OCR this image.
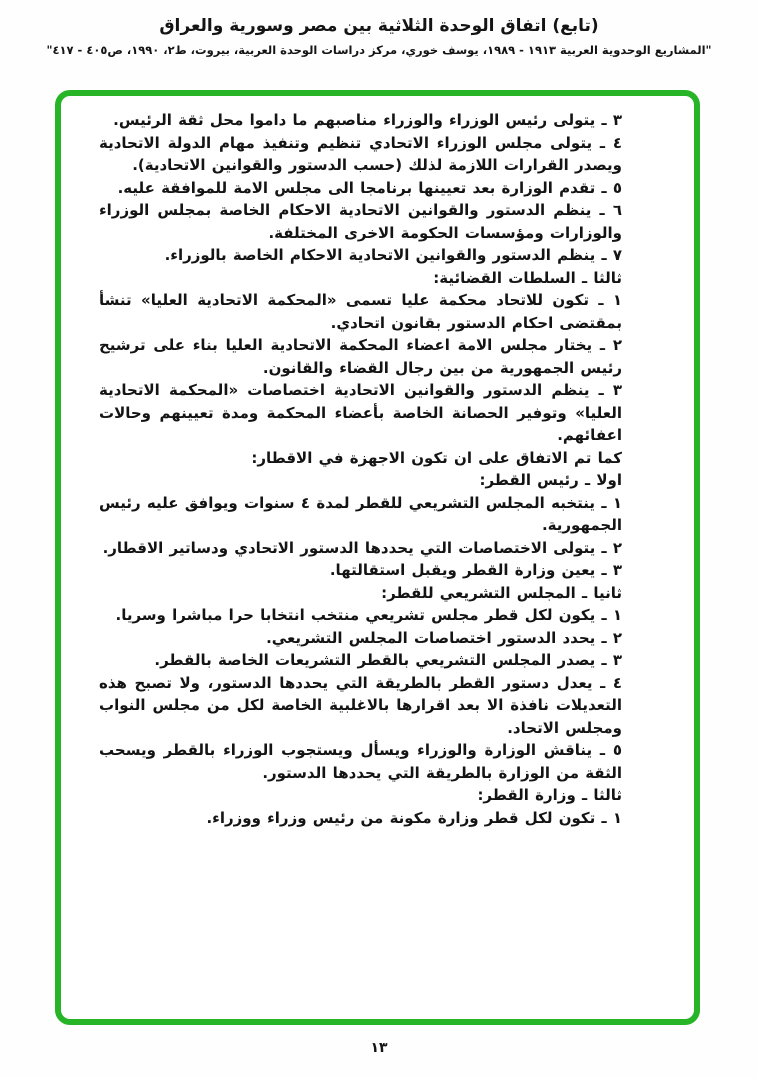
(تابع) اتفاق الوحدة الثلاثية بين مصر وسورية والعراق
"المشاريع الوحدوية العربية ١٩١٣ - ١٩٨٩، يوسف خوري، مركز دراسات الوحدة العربية، بيروت، ط٢، ١٩٩٠، ص٤٠٥ - ٤١٧"

٣ ـ يتولى رئيس الوزراء والوزراء مناصبهم ما داموا محل ثقة الرئيس.

٤ ـ يتولى مجلس الوزراء الاتحادي تنظيم وتنفيذ مهام الدولة الاتحادية ويصدر القرارات اللازمة لذلك (حسب الدستور والقوانين الاتحادية).

٥ ـ تقدم الوزارة بعد تعيينها برنامجا الى مجلس الامة للموافقة عليه.

٦ ـ ينظم الدستور والقوانين الاتحادية الاحكام الخاصة بمجلس الوزراء والوزارات ومؤسسات الحكومة الاخرى المختلفة.

٧ ـ ينظم الدستور والقوانين الاتحادية الاحكام الخاصة بالوزراء.

ثالثا ـ السلطات القضائية:

١ ـ تكون للاتحاد محكمة عليا تسمى «المحكمة الاتحادية العليا» تنشأ بمقتضى احكام الدستور بقانون اتحادي.

٢ ـ يختار مجلس الامة اعضاء المحكمة الاتحادية العليا بناء على ترشيح رئيس الجمهورية من بين رجال القضاء والقانون.

٣ ـ ينظم الدستور والقوانين الاتحادية اختصاصات «المحكمة الاتحادية العليا» وتوفير الحصانة الخاصة بأعضاء المحكمة ومدة تعيينهم وحالات اعفائهم.

كما تم الاتفاق على ان تكون الاجهزة في الاقطار:

اولا ـ رئيس القطر:

١ ـ ينتخبه المجلس التشريعي للقطر لمدة ٤ سنوات ويوافق عليه رئيس الجمهورية.

٢ ـ يتولى الاختصاصات التي يحددها الدستور الاتحادي ودساتير الاقطار.

٣ ـ يعين وزارة القطر ويقبل استقالتها.

ثانيا ـ المجلس التشريعي للقطر:

١ ـ يكون لكل قطر مجلس تشريعي منتخب انتخابا حرا مباشرا وسريا.

٢ ـ يحدد الدستور اختصاصات المجلس التشريعي.

٣ ـ يصدر المجلس التشريعي بالقطر التشريعات الخاصة بالقطر.

٤ ـ يعدل دستور القطر بالطريقة التي يحددها الدستور، ولا تصبح هذه التعديلات نافذة الا بعد اقرارها بالاغلبية الخاصة لكل من مجلس النواب ومجلس الاتحاد.

٥ ـ يناقش الوزارة والوزراء ويسأل ويستجوب الوزراء بالقطر ويسحب الثقة من الوزارة بالطريقة التي يحددها الدستور.

ثالثا ـ وزارة القطر:

١ ـ تكون لكل قطر وزارة مكونة من رئيس وزراء ووزراء.

١٣
